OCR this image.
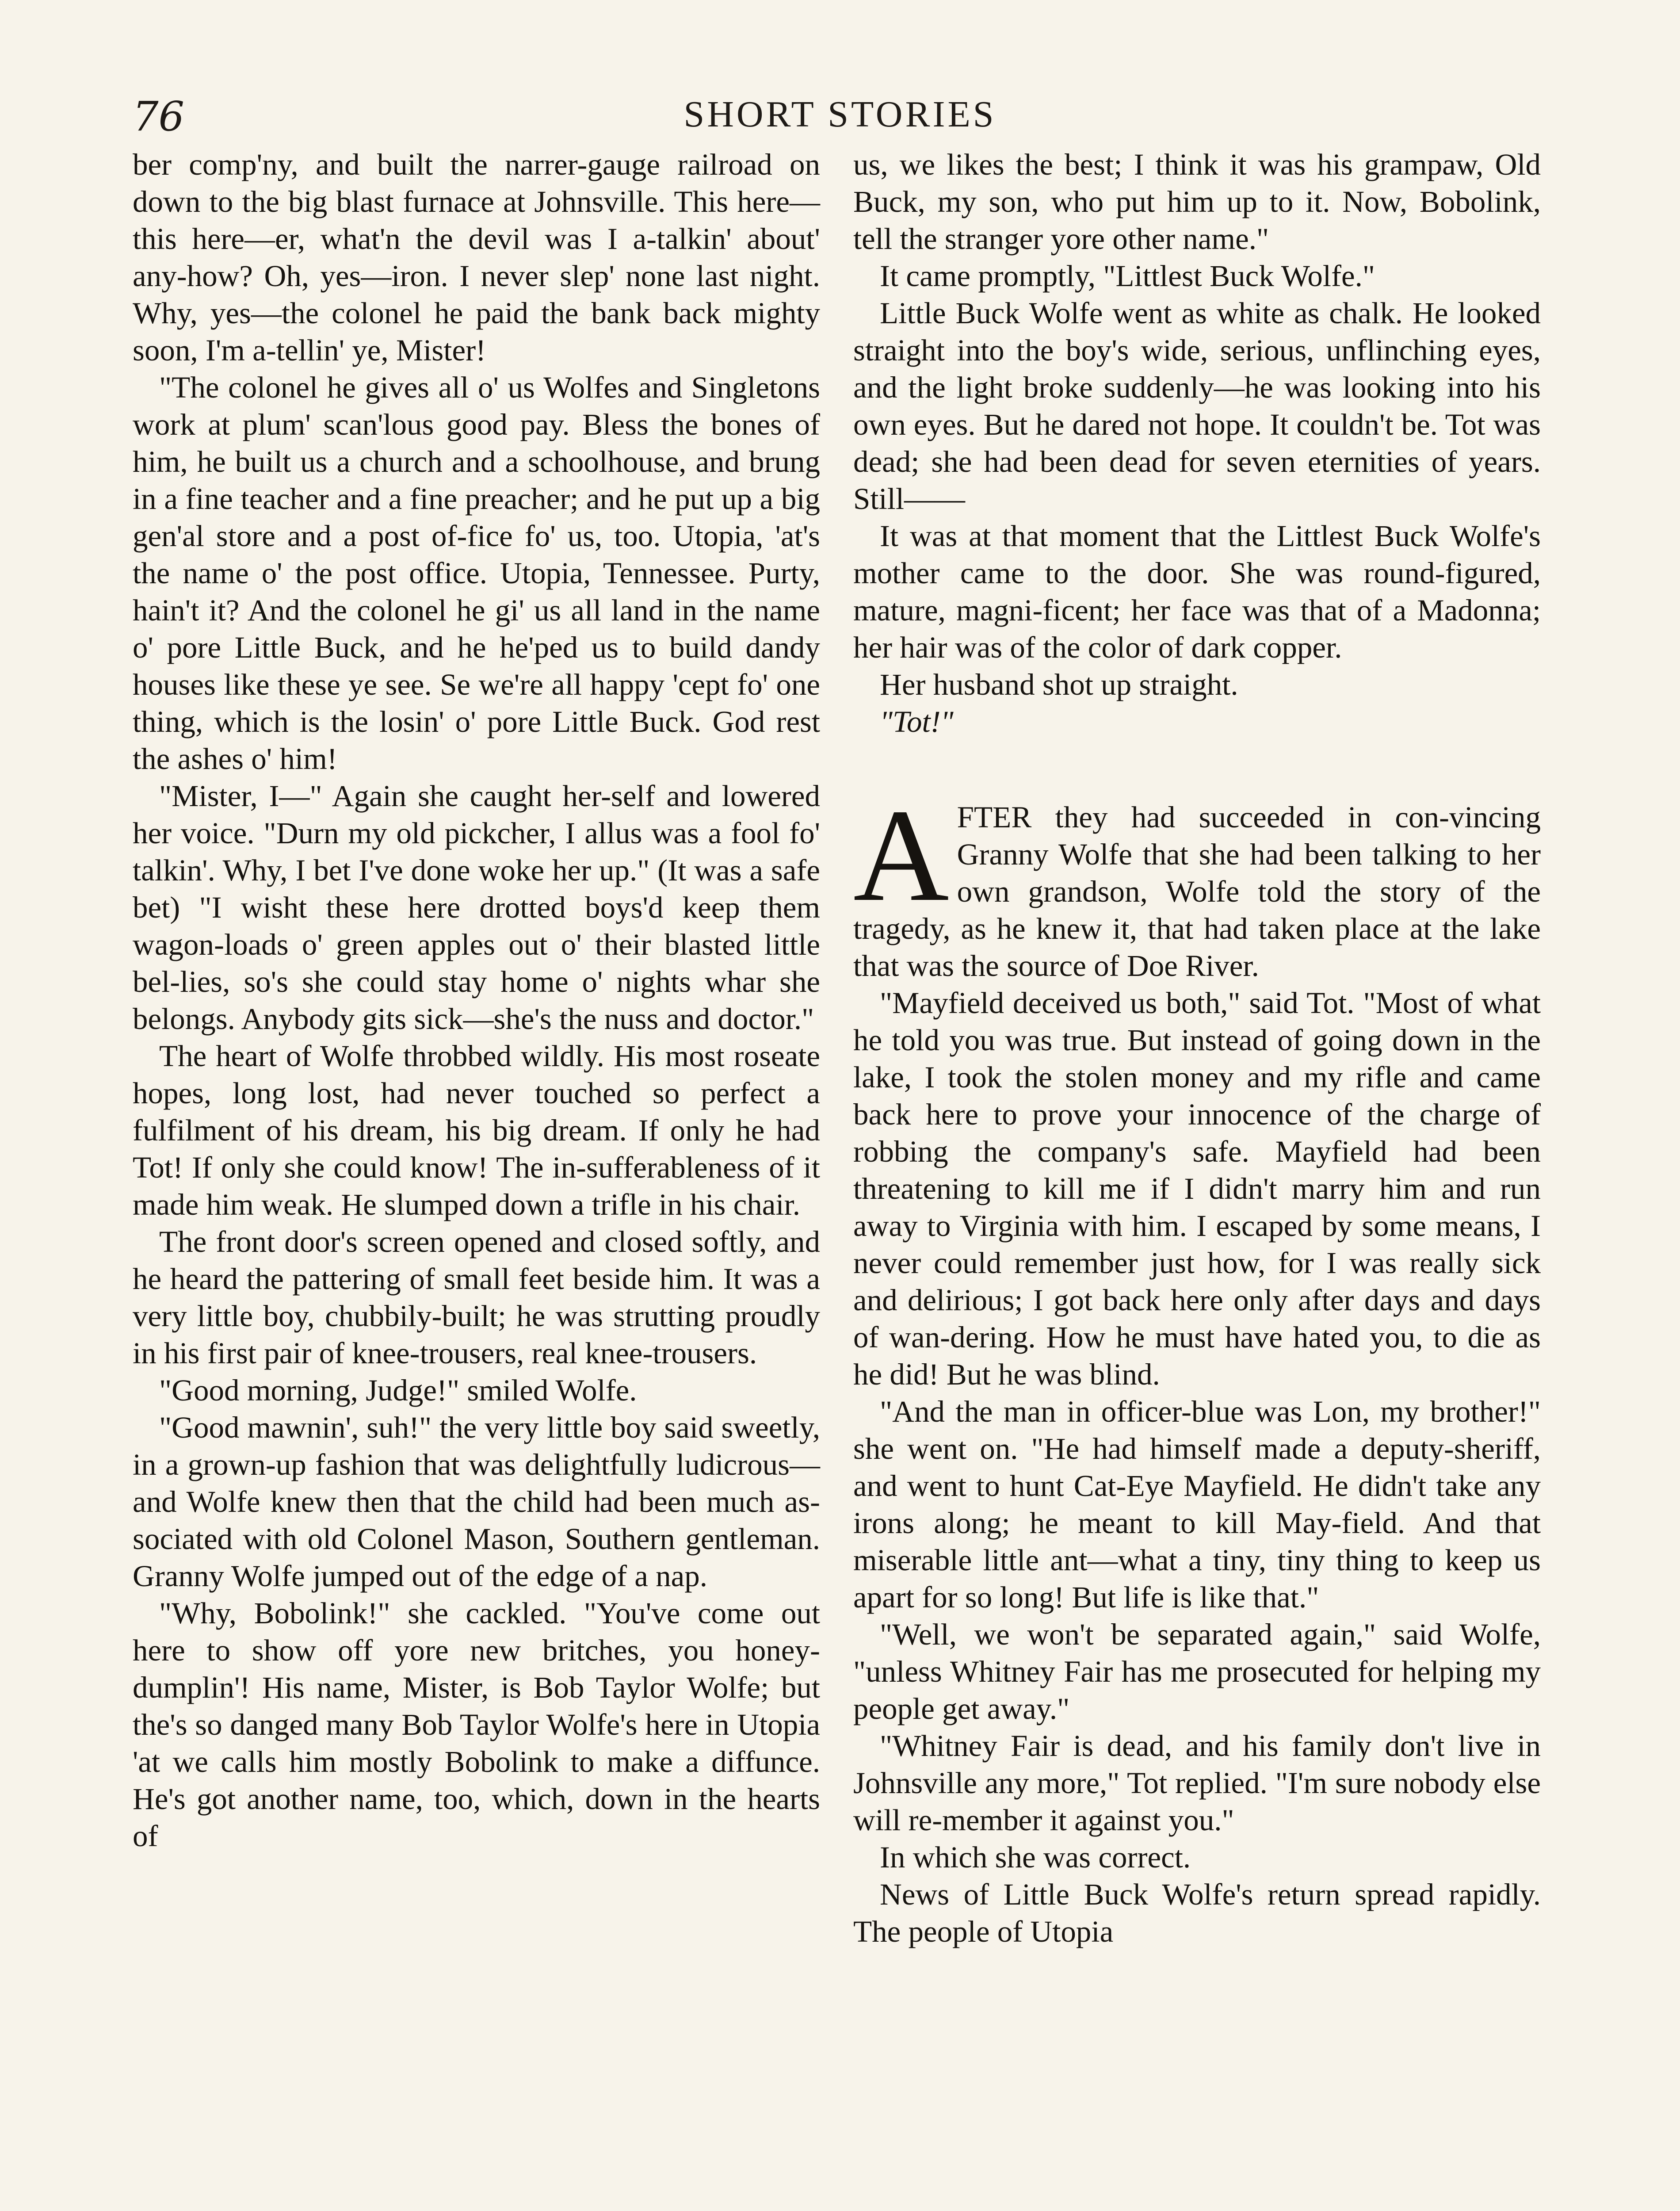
76	SHORT STORIES

ber comp'ny, and built the narrer-gauge railroad on down to the big blast furnace at Johnsville. This here—this here—er, what'n the devil was I a-talkin' about' any-how? Oh, yes—iron. I never slep' none last night. Why, yes—the colonel he paid the bank back mighty soon, I'm a-tellin' ye, Mister!

"The colonel he gives all o' us Wolfes and Singletons work at plum' scan'lous good pay. Bless the bones of him, he built us a church and a schoolhouse, and brung in a fine teacher and a fine preacher; and he put up a big gen'al store and a post of-fice fo' us, too. Utopia, 'at's the name o' the post office. Utopia, Tennessee. Purty, hain't it? And the colonel he gi' us all land in the name o' pore Little Buck, and he he'ped us to build dandy houses like these ye see. Se we're all happy 'cept fo' one thing, which is the losin' o' pore Little Buck. God rest the ashes o' him!

"Mister, I—" Again she caught her-self and lowered her voice. "Durn my old pickcher, I allus was a fool fo' talkin'. Why, I bet I've done woke her up." (It was a safe bet) "I wisht these here drotted boys'd keep them wagon-loads o' green apples out o' their blasted little bel-lies, so's she could stay home o' nights whar she belongs. Anybody gits sick—she's the nuss and doctor."

The heart of Wolfe throbbed wildly. His most roseate hopes, long lost, had never touched so perfect a fulfilment of his dream, his big dream. If only he had Tot! If only she could know! The in-sufferableness of it made him weak. He slumped down a trifle in his chair.

The front door's screen opened and closed softly, and he heard the pattering of small feet beside him. It was a very little boy, chubbily-built; he was strutting proudly in his first pair of knee-trousers, real knee-trousers.

"Good morning, Judge!" smiled Wolfe.

"Good mawnin', suh!" the very little boy said sweetly, in a grown-up fashion that was delightfully ludicrous—and Wolfe knew then that the child had been much as-sociated with old Colonel Mason, Southern gentleman. Granny Wolfe jumped out of the edge of a nap.

"Why, Bobolink!" she cackled. "You've come out here to show off yore new britches, you honey-dumplin'! His name, Mister, is Bob Taylor Wolfe; but the's so danged many Bob Taylor Wolfe's here in Utopia 'at we calls him mostly Bobolink to make a diffunce. He's got another name, too, which, down in the hearts of

us, we likes the best; I think it was his grampaw, Old Buck, my son, who put him up to it. Now, Bobolink, tell the stranger yore other name."

It came promptly, "Littlest Buck Wolfe."

Little Buck Wolfe went as white as chalk. He looked straight into the boy's wide, serious, unflinching eyes, and the light broke suddenly—he was looking into his own eyes. But he dared not hope. It couldn't be. Tot was dead; she had been dead for seven eternities of years. Still——

It was at that moment that the Littlest Buck Wolfe's mother came to the door. She was round-figured, mature, magni-ficent; her face was that of a Madonna; her hair was of the color of dark copper.

Her husband shot up straight.

"Tot!"

A FTER they had succeeded in con-vincing Granny Wolfe that she had been talking to her own grandson, Wolfe told the story of the tragedy, as he knew it, that had taken place at the lake that was the source of Doe River.

"Mayfield deceived us both," said Tot. "Most of what he told you was true. But instead of going down in the lake, I took the stolen money and my rifle and came back here to prove your innocence of the charge of robbing the company's safe. Mayfield had been threatening to kill me if I didn't marry him and run away to Virginia with him. I escaped by some means, I never could remember just how, for I was really sick and delirious; I got back here only after days and days of wan-dering. How he must have hated you, to die as he did! But he was blind.

"And the man in officer-blue was Lon, my brother!" she went on. "He had himself made a deputy-sheriff, and went to hunt Cat-Eye Mayfield. He didn't take any irons along; he meant to kill May-field. And that miserable little ant—what a tiny, tiny thing to keep us apart for so long! But life is like that."

"Well, we won't be separated again," said Wolfe, "unless Whitney Fair has me prosecuted for helping my people get away."

"Whitney Fair is dead, and his family don't live in Johnsville any more," Tot replied. "I'm sure nobody else will re-member it against you."

In which she was correct.

News of Little Buck Wolfe's return spread rapidly. The people of Utopia
